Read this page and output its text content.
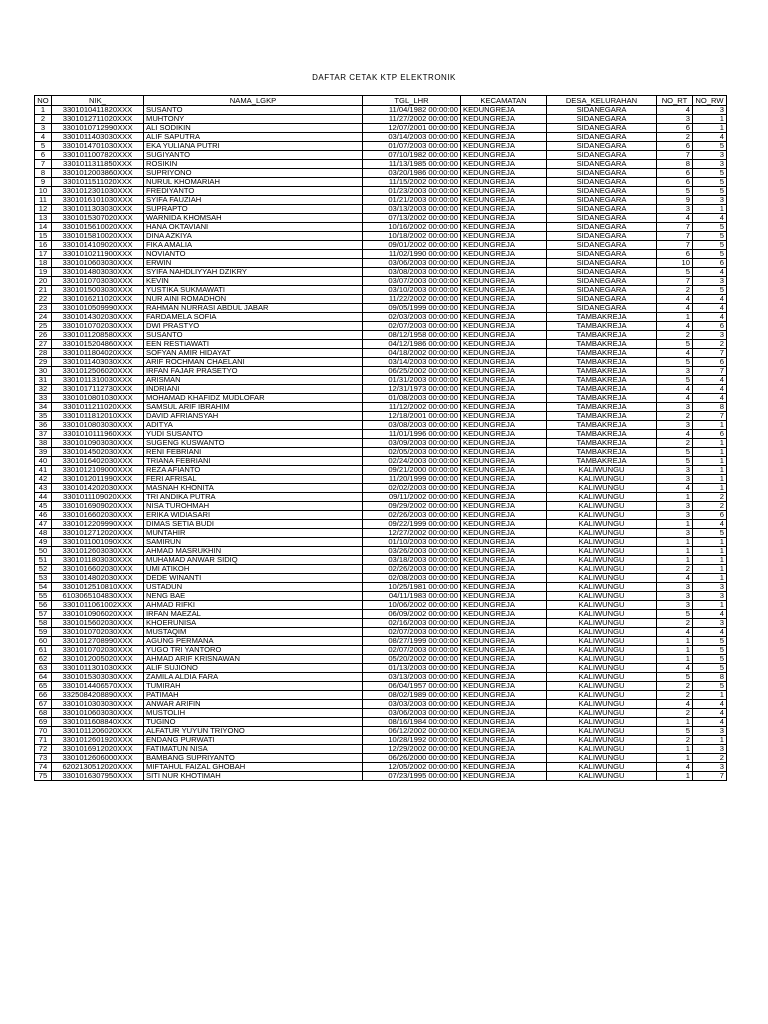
DAFTAR CETAK KTP ELEKTRONIK
NO	NIK_	NAMA_LGKP	TGL_LHR	KECAMATAN	DESA_KELURAHAN	NO_RT	NO_RW
1	3301010411820XXX	SUSANTO	11/04/1982 00:00:00	KEDUNGREJA	SIDANEGARA	4	3
2	3301012711020XXX	MUHTONY	11/27/2002 00:00:00	KEDUNGREJA	SIDANEGARA	3	1
3	3301010712990XXX	ALI SODIKIN	12/07/2001 00:00:00	KEDUNGREJA	SIDANEGARA	6	1
4	3301011403030XXX	ALIF SAPUTRA	03/14/2003 00:00:00	KEDUNGREJA	SIDANEGARA	2	4
5	3301014701030XXX	EKA YULIANA PUTRI	01/07/2003 00:00:00	KEDUNGREJA	SIDANEGARA	6	5
6	3301011007820XXX	SUGIYANTO	07/10/1982 00:00:00	KEDUNGREJA	SIDANEGARA	7	3
7	3301011311850XXX	ROSIKIN	11/13/1985 00:00:00	KEDUNGREJA	SIDANEGARA	8	3
8	3301012003860XXX	SUPRIYONO	03/20/1986 00:00:00	KEDUNGREJA	SIDANEGARA	6	5
9	3301011511020XXX	NURUL KHOMARIAH	11/15/2002 00:00:00	KEDUNGREJA	SIDANEGARA	6	5
10	3301012301030XXX	FREDIYANTO	01/23/2003 00:00:00	KEDUNGREJA	SIDANEGARA	5	5
11	3301016101030XXX	SYIFA FAUZIAH	01/21/2003 00:00:00	KEDUNGREJA	SIDANEGARA	9	3
12	3301011303030XXX	SUPRAPTO	03/13/2003 00:00:00	KEDUNGREJA	SIDANEGARA	3	1
13	3301015307020XXX	WARNIDA KHOMSAH	07/13/2002 00:00:00	KEDUNGREJA	SIDANEGARA	4	4
14	3301015610020XXX	HANA OKTAVIANI	10/16/2002 00:00:00	KEDUNGREJA	SIDANEGARA	7	5
15	3301015810020XXX	DINA AZKIYA	10/18/2002 00:00:00	KEDUNGREJA	SIDANEGARA	7	5
16	3301014109020XXX	FIKA AMALIA	09/01/2002 00:00:00	KEDUNGREJA	SIDANEGARA	7	5
17	3301010211900XXX	NOVIANTO	11/02/1990 00:00:00	KEDUNGREJA	SIDANEGARA	6	5
18	3301010603030XXX	ERWIN	03/06/2003 00:00:00	KEDUNGREJA	SIDANEGARA	10	6
19	3301014803030XXX	SYIFA NAHDLIYYAH DZIKRY	03/08/2003 00:00:00	KEDUNGREJA	SIDANEGARA	5	4
20	3301010703030XXX	KEVIN	03/07/2003 00:00:00	KEDUNGREJA	SIDANEGARA	7	3
21	3301015003030XXX	YUSTIKA SUKMAWATI	03/10/2003 00:00:00	KEDUNGREJA	SIDANEGARA	2	5
22	3301016211020XXX	NUR AINI ROMADHON	11/22/2002 00:00:00	KEDUNGREJA	SIDANEGARA	4	4
23	3301010509990XXX	RAHMAN NURRASI ABDUL JABAR	09/05/1999 00:00:00	KEDUNGREJA	SIDANEGARA	4	4
24	3301014302030XXX	FARDAMELA SOFIA	02/03/2003 00:00:00	KEDUNGREJA	TAMBAKREJA	1	4
25	3301010702030XXX	DWI PRASTYO	02/07/2003 00:00:00	KEDUNGREJA	TAMBAKREJA	4	6
26	3301011208580XXX	SUSANTO	08/12/1958 00:00:00	KEDUNGREJA	TAMBAKREJA	2	3
27	3301015204860XXX	EEN RESTIAWATI	04/12/1986 00:00:00	KEDUNGREJA	TAMBAKREJA	5	2
28	3301011804020XXX	SOFYAN AMIR HIDAYAT	04/18/2002 00:00:00	KEDUNGREJA	TAMBAKREJA	4	7
29	3301011403030XXX	ARIF ROCHMAN CHAELANI	03/14/2003 00:00:00	KEDUNGREJA	TAMBAKREJA	5	6
30	3301012506020XXX	IRFAN FAJAR PRASETYO	06/25/2002 00:00:00	KEDUNGREJA	TAMBAKREJA	3	7
31	3301011310030XXX	ARISMAN	01/31/2003 00:00:00	KEDUNGREJA	TAMBAKREJA	5	4
32	3301017112730XXX	INDRIANI	12/31/1973 00:00:00	KEDUNGREJA	TAMBAKREJA	4	4
33	3301010801030XXX	MOHAMAD KHAFIDZ MUDLOFAR	01/08/2003 00:00:00	KEDUNGREJA	TAMBAKREJA	4	4
34	3301011211020XXX	SAMSUL ARIF IBRAHIM	11/12/2002 00:00:00	KEDUNGREJA	TAMBAKREJA	3	8
35	3301011812010XXX	DAVID AFRIANSYAH	12/18/2001 00:00:00	KEDUNGREJA	TAMBAKREJA	2	7
36	3301010803030XXX	ADITYA	03/08/2003 00:00:00	KEDUNGREJA	TAMBAKREJA	3	1
37	3301010111960XXX	YUDI SUSANTO	11/01/1996 00:00:00	KEDUNGREJA	TAMBAKREJA	4	6
38	3301010903030XXX	SUGENG KUSWANTO	03/09/2003 00:00:00	KEDUNGREJA	TAMBAKREJA	2	1
39	3301014502030XXX	RENI FEBRIANI	02/05/2003 00:00:00	KEDUNGREJA	TAMBAKREJA	5	1
40	3301016402030XXX	TRIANA FEBRIANI	02/24/2003 00:00:00	KEDUNGREJA	TAMBAKREJA	5	1
41	3301012109000XXX	REZA AFIANTO	09/21/2000 00:00:00	KEDUNGREJA	KALIWUNGU	3	1
42	3301012011990XXX	FERI AFRISAL	11/20/1999 00:00:00	KEDUNGREJA	KALIWUNGU	3	1
43	3301014202030XXX	MASNAH KHONITA	02/02/2003 00:00:00	KEDUNGREJA	KALIWUNGU	4	1
44	3301011109020XXX	TRI ANDIKA PUTRA	09/11/2002 00:00:00	KEDUNGREJA	KALIWUNGU	1	2
45	3301016909020XXX	NISA TUROHMAH	09/29/2002 00:00:00	KEDUNGREJA	KALIWUNGU	3	2
46	3301016602030XXX	ERIKA WIDIASARI	02/26/2003 00:00:00	KEDUNGREJA	KALIWUNGU	3	6
47	3301012209990XXX	DIMAS SETIA BUDI	09/22/1999 00:00:00	KEDUNGREJA	KALIWUNGU	1	4
48	3301012712020XXX	MUNTAHIR	12/27/2002 00:00:00	KEDUNGREJA	KALIWUNGU	3	5
49	3301011001090XXX	SAMIRUN	01/10/2003 00:00:00	KEDUNGREJA	KALIWUNGU	1	1
50	3301012603030XXX	AHMAD MASRUKHIN	03/26/2003 00:00:00	KEDUNGREJA	KALIWUNGU	1	1
51	3301011803030XXX	MUHAMAD ANWAR SIDIQ	03/18/2003 00:00:00	KEDUNGREJA	KALIWUNGU	1	1
52	3301016602030XXX	UMI ATIKOH	02/26/2003 00:00:00	KEDUNGREJA	KALIWUNGU	2	1
53	3301014802030XXX	DEDE WINANTI	02/08/2003 00:00:00	KEDUNGREJA	KALIWUNGU	4	1
54	3301012510810XXX	USTADUN	10/25/1981 00:00:00	KEDUNGREJA	KALIWUNGU	3	3
55	6103065104830XXX	NENG BAE	04/11/1983 00:00:00	KEDUNGREJA	KALIWUNGU	3	3
56	3301011061002XXX	AHMAD RIFKI	10/06/2002 00:00:00	KEDUNGREJA	KALIWUNGU	3	1
57	3301010906020XXX	IRFAN MAEZAL	06/09/2002 00:00:00	KEDUNGREJA	KALIWUNGU	5	4
58	3301015602030XXX	KHOERUNISA	02/16/2003 00:00:00	KEDUNGREJA	KALIWUNGU	2	3
59	3301010702030XXX	MUSTAQIM	02/07/2003 00:00:00	KEDUNGREJA	KALIWUNGU	4	4
60	3301012708990XXX	AGUNG PERMANA	08/27/1999 00:00:00	KEDUNGREJA	KALIWUNGU	1	5
61	3301010702030XXX	YUGO TRI YANTORO	02/07/2003 00:00:00	KEDUNGREJA	KALIWUNGU	1	5
62	3301012005020XXX	AHMAD ARIF KRISNAWAN	05/20/2002 00:00:00	KEDUNGREJA	KALIWUNGU	1	5
63	3301011301030XXX	ALIF SUJIONO	01/13/2003 00:00:00	KEDUNGREJA	KALIWUNGU	4	5
64	3301015303030XXX	ZAMILA ALDIA FARA	03/13/2003 00:00:00	KEDUNGREJA	KALIWUNGU	5	8
65	3301014406570XXX	TUMIRAH	06/04/1957 00:00:00	KEDUNGREJA	KALIWUNGU	2	5
66	3325084208890XXX	PATIMAH	08/02/1989 00:00:00	KEDUNGREJA	KALIWUNGU	2	1
67	3301010303030XXX	ANWAR ARIFIN	03/03/2003 00:00:00	KEDUNGREJA	KALIWUNGU	4	4
68	3301010603030XXX	MUSTOLIH	03/06/2003 00:00:00	KEDUNGREJA	KALIWUNGU	2	4
69	3301011608840XXX	TUGINO	08/16/1984 00:00:00	KEDUNGREJA	KALIWUNGU	1	4
70	3301011206020XXX	ALFATUR YUYUN TRIYONO	06/12/2002 00:00:00	KEDUNGREJA	KALIWUNGU	5	3
71	3301012601920XXX	ENDANG PURWATI	10/28/1992 00:00:00	KEDUNGREJA	KALIWUNGU	2	1
72	3301016912020XXX	FATIMATUN NISA	12/29/2002 00:00:00	KEDUNGREJA	KALIWUNGU	1	3
73	3301012606000XXX	BAMBANG SUPRIYANTO	06/26/2000 00:00:00	KEDUNGREJA	KALIWUNGU	1	2
74	6202130512020XXX	MIFTAHUL FAIZAL GHOBAH	12/05/2002 00:00:00	KEDUNGREJA	KALIWUNGU	4	3
75	3301016307950XXX	SITI NUR KHOTIMAH	07/23/1995 00:00:00	KEDUNGREJA	KALIWUNGU	1	7
